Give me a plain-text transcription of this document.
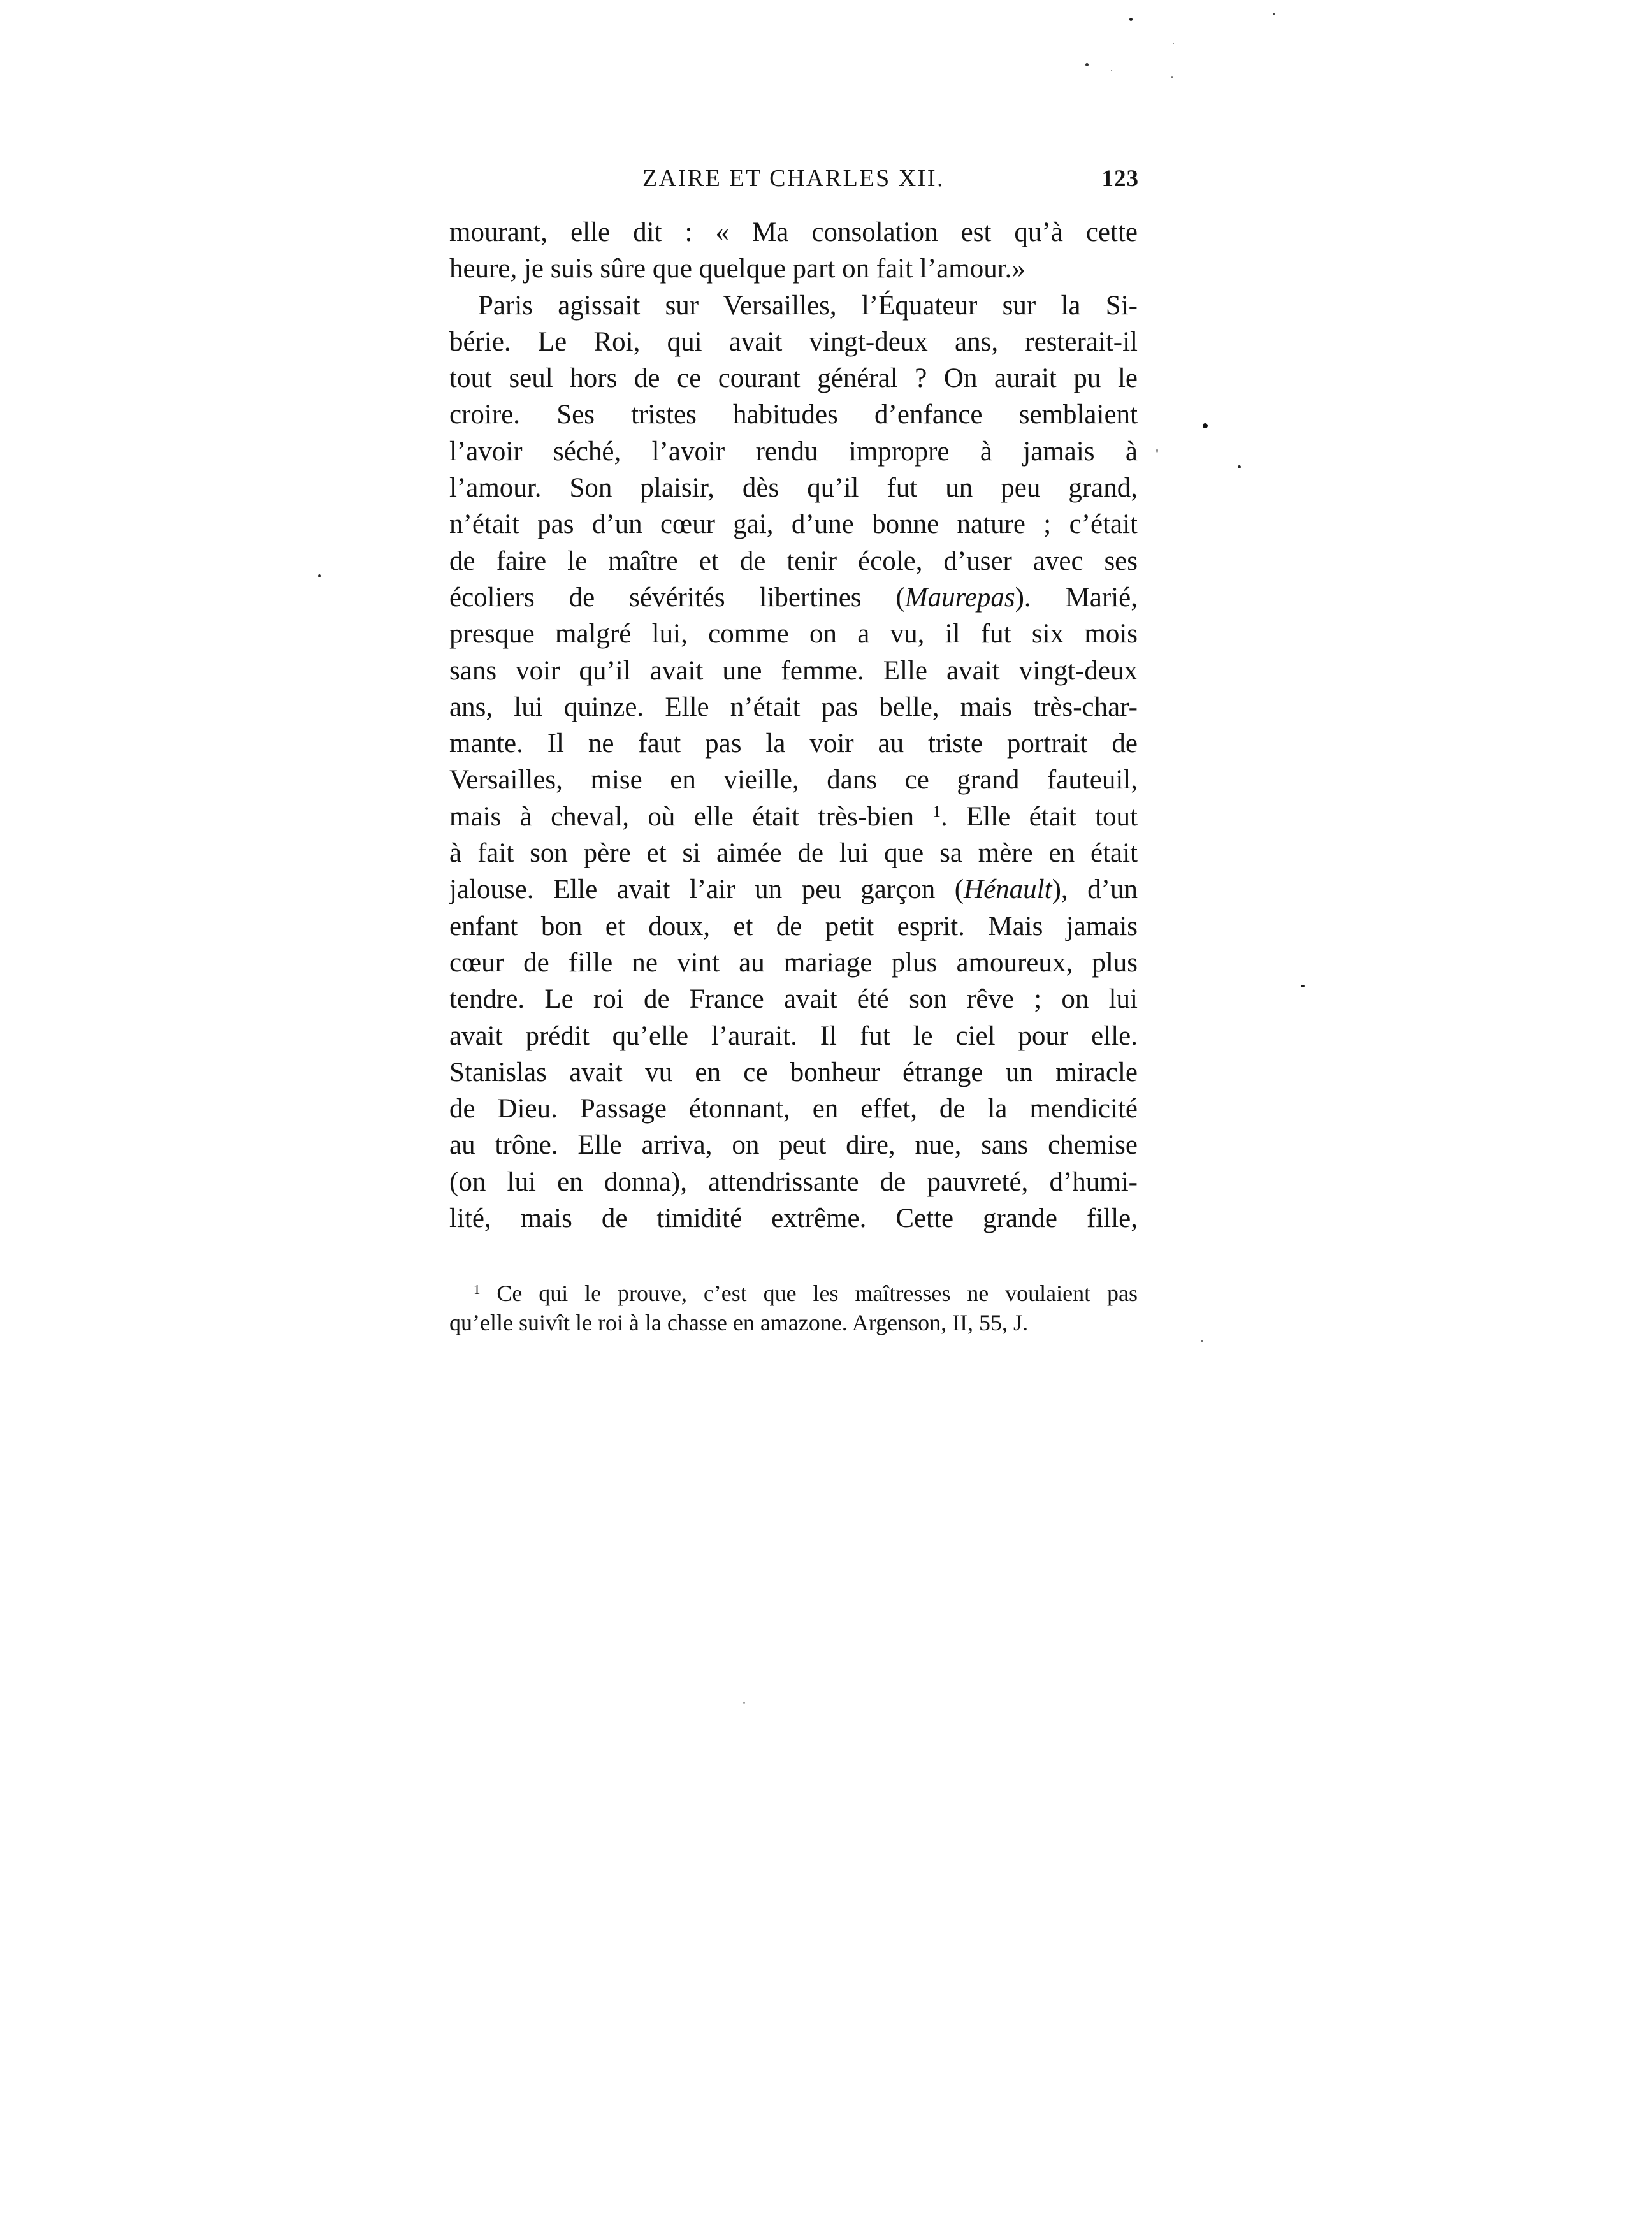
ZAIRE ET CHARLES XII.	123
mourant, elle dit : « Ma consolation est qu’à cette
heure, je suis sûre que quelque part on fait l’amour.»
Paris agissait sur Versailles, l’Équateur sur la Si-
bérie. Le Roi, qui avait vingt-deux ans, resterait-il
tout seul hors de ce courant général ? On aurait pu le
croire. Ses tristes habitudes d’enfance semblaient
l’avoir séché, l’avoir rendu impropre à jamais à
l’amour. Son plaisir, dès qu’il fut un peu grand,
n’était pas d’un cœur gai, d’une bonne nature ; c’était
de faire le maître et de tenir école, d’user avec ses
écoliers de sévérités libertines (Maurepas). Marié,
presque malgré lui, comme on a vu, il fut six mois
sans voir qu’il avait une femme. Elle avait vingt-deux
ans, lui quinze. Elle n’était pas belle, mais très-char-
mante. Il ne faut pas la voir au triste portrait de
Versailles, mise en vieille, dans ce grand fauteuil,
mais à cheval, où elle était très-bien $^1$. Elle était tout
à fait son père et si aimée de lui que sa mère en était
jalouse. Elle avait l’air un peu garçon (Hénault), d’un
enfant bon et doux, et de petit esprit. Mais jamais
cœur de fille ne vint au mariage plus amoureux, plus
tendre. Le roi de France avait été son rêve ; on lui
avait prédit qu’elle l’aurait. Il fut le ciel pour elle.
Stanislas avait vu en ce bonheur étrange un miracle
de Dieu. Passage étonnant, en effet, de la mendicité
au trône. Elle arriva, on peut dire, nue, sans chemise
(on lui en donna), attendrissante de pauvreté, d’humi-
lité, mais de timidité extrême. Cette grande fille,
$^1$ Ce qui le prouve, c’est que les maîtresses ne voulaient pas
qu’elle suivît le roi à la chasse en amazone. Argenson, II, 55, J.
